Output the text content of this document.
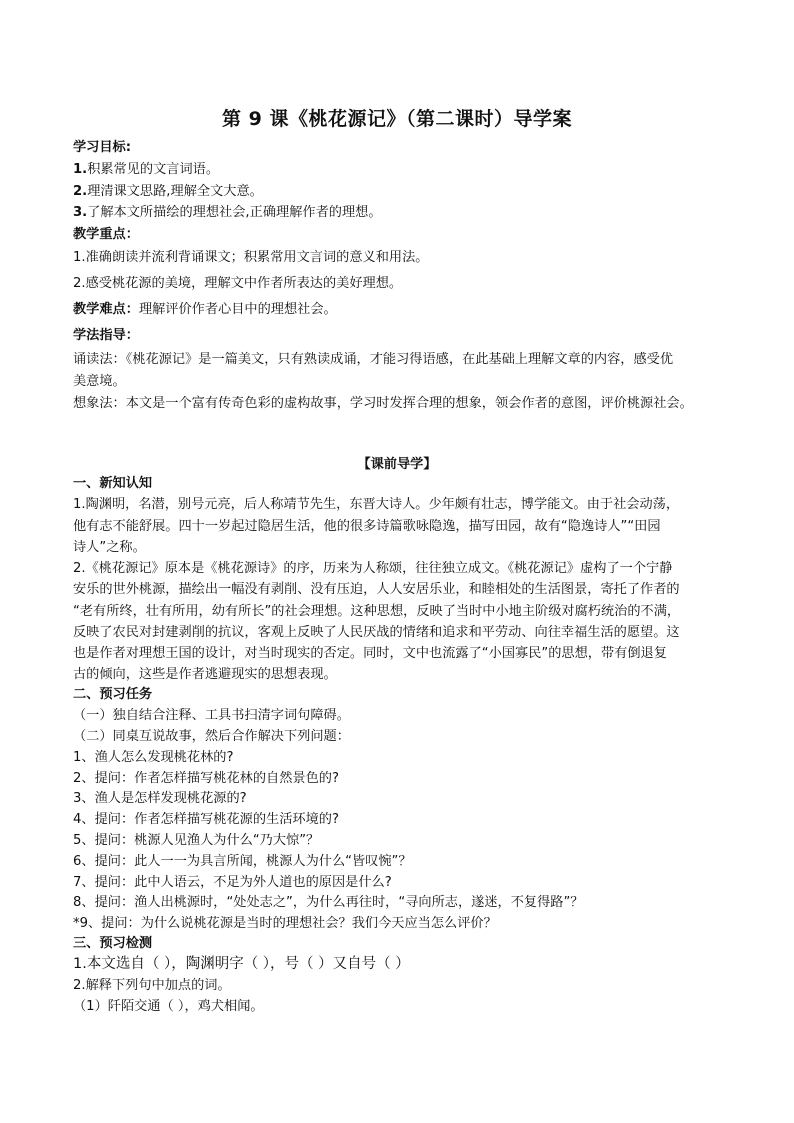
第 9 课《桃花源记》（第二课时）导学案
学习目标:
1.积累常见的文言词语。
2.理清课文思路,理解全文大意。
3.了解本文所描绘的理想社会,正确理解作者的理想。
教学重点：
1.准确朗读并流利背诵课文；积累常用文言词的意义和用法。
2.感受桃花源的美境，理解文中作者所表达的美好理想。
教学难点：理解评价作者心目中的理想社会。
学法指导：
诵读法：《桃花源记》是一篇美文，只有熟读成诵，才能习得语感，在此基础上理解文章的内容，感受优
美意境。
想象法：本文是一个富有传奇色彩的虚构故事，学习时发挥合理的想象，领会作者的意图，评价桃源社会。
【课前导学】
一、新知认知
1.陶渊明，名潜，别号元亮，后人称靖节先生，东晋大诗人。少年颇有壮志，博学能文。由于社会动荡，
他有志不能舒展。四十一岁起过隐居生活，他的很多诗篇歌咏隐逸，描写田园，故有“隐逸诗人”“田园
诗人”之称。
2.《桃花源记》原本是《桃花源诗》的序，历来为人称颂，往往独立成文。《桃花源记》虚构了一个宁静
安乐的世外桃源，描绘出一幅没有剥削、没有压迫，人人安居乐业，和睦相处的生活图景，寄托了作者的
“老有所终，壮有所用，幼有所长”的社会理想。这种思想，反映了当时中小地主阶级对腐朽统治的不满，
反映了农民对封建剥削的抗议，客观上反映了人民厌战的情绪和追求和平劳动、向往幸福生活的愿望。这
也是作者对理想王国的设计，对当时现实的否定。同时，文中也流露了“小国寡民”的思想，带有倒退复
古的倾向，这些是作者逃避现实的思想表现。
二、预习任务
（一）独自结合注释、工具书扫清字词句障碍。
（二）同桌互说故事，然后合作解决下列问题：
1、渔人怎么发现桃花林的?
2、提问：作者怎样描写桃花林的自然景色的?
3、渔人是怎样发现桃花源的?
4、提问：作者怎样描写桃花源的生活环境的?
5、提问：桃源人见渔人为什么“乃大惊”？
6、提问：此人一一为具言所闻，桃源人为什么“皆叹惋”？
7、提问：此中人语云，不足为外人道也的原因是什么?
8、提问：渔人出桃源时，“处处志之”，为什么再往时，“寻向所志，遂迷，不复得路”？
*9、提问：为什么说桃花源是当时的理想社会？我们今天应当怎么评价？
三、预习检测
1.本文选自（ ），陶渊明字（ ），号（ ）又自号（ ）
2.解释下列句中加点的词。
（1）阡陌交通（ ），鸡犬相闻。
